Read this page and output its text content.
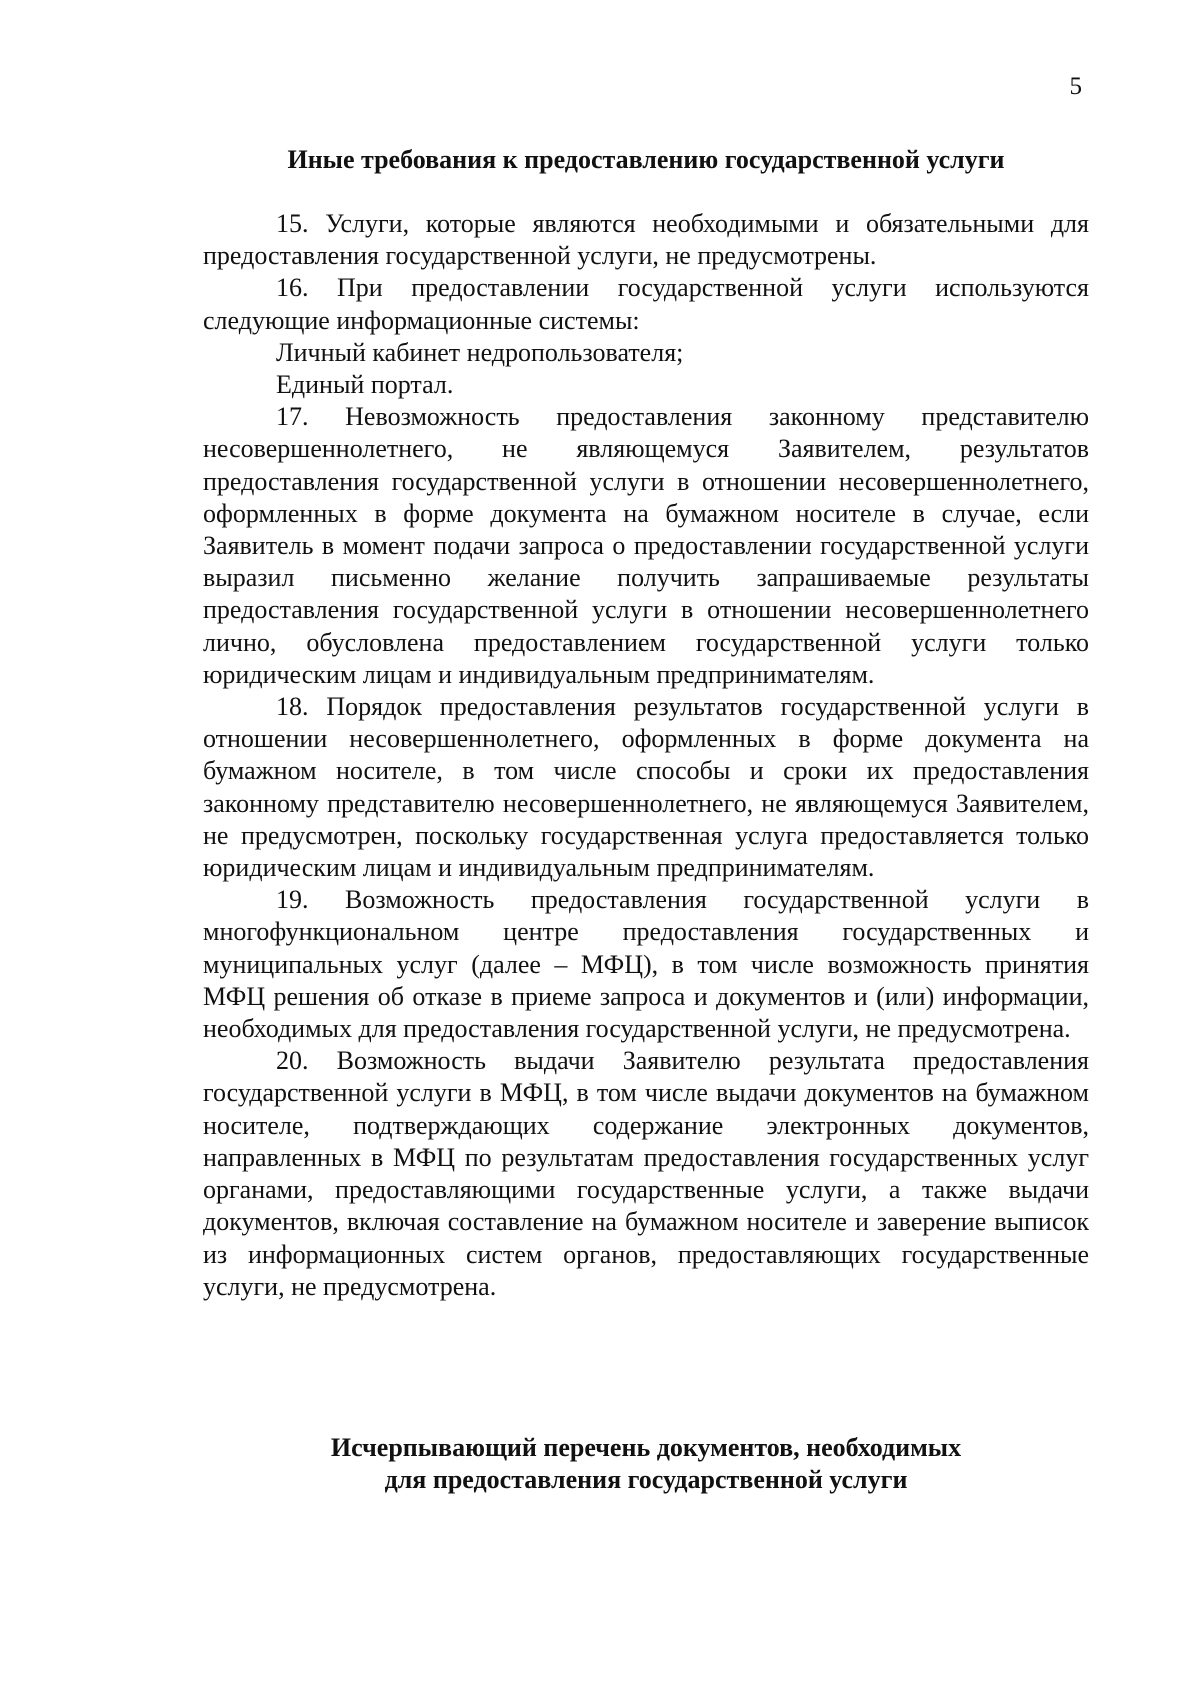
5
Иные требования к предоставлению государственной услуги

15. Услуги, которые являются необходимыми и обязательными для предоставления государственной услуги, не предусмотрены.

16. При предоставлении государственной услуги используются следующие информационные системы:

Личный кабинет недропользователя;

Единый портал.

17. Невозможность предоставления законному представителю несовершеннолетнего, не являющемуся Заявителем, результатов предоставления государственной услуги в отношении несовершеннолетнего, оформленных в форме документа на бумажном носителе в случае, если Заявитель в момент подачи запроса о предоставлении государственной услуги выразил письменно желание получить запрашиваемые результаты предоставления государственной услуги в отношении несовершеннолетнего лично, обусловлена предоставлением государственной услуги только юридическим лицам и индивидуальным предпринимателям.

18. Порядок предоставления результатов государственной услуги в отношении несовершеннолетнего, оформленных в форме документа на бумажном носителе, в том числе способы и сроки их предоставления законному представителю несовершеннолетнего, не являющемуся Заявителем, не предусмотрен, поскольку государственная услуга предоставляется только юридическим лицам и индивидуальным предпринимателям.

19. Возможность предоставления государственной услуги в многофункциональном центре предоставления государственных и муниципальных услуг (далее – МФЦ), в том числе возможность принятия МФЦ решения об отказе в приеме запроса и документов и (или) информации, необходимых для предоставления государственной услуги, не предусмотрена.

20. Возможность выдачи Заявителю результата предоставления государственной услуги в МФЦ, в том числе выдачи документов на бумажном носителе, подтверждающих содержание электронных документов, направленных в МФЦ по результатам предоставления государственных услуг органами, предоставляющими государственные услуги, а также выдачи документов, включая составление на бумажном носителе и заверение выписок из информационных систем органов, предоставляющих государственные услуги, не предусмотрена.

Исчерпывающий перечень документов, необходимых
для предоставления государственной услуги
